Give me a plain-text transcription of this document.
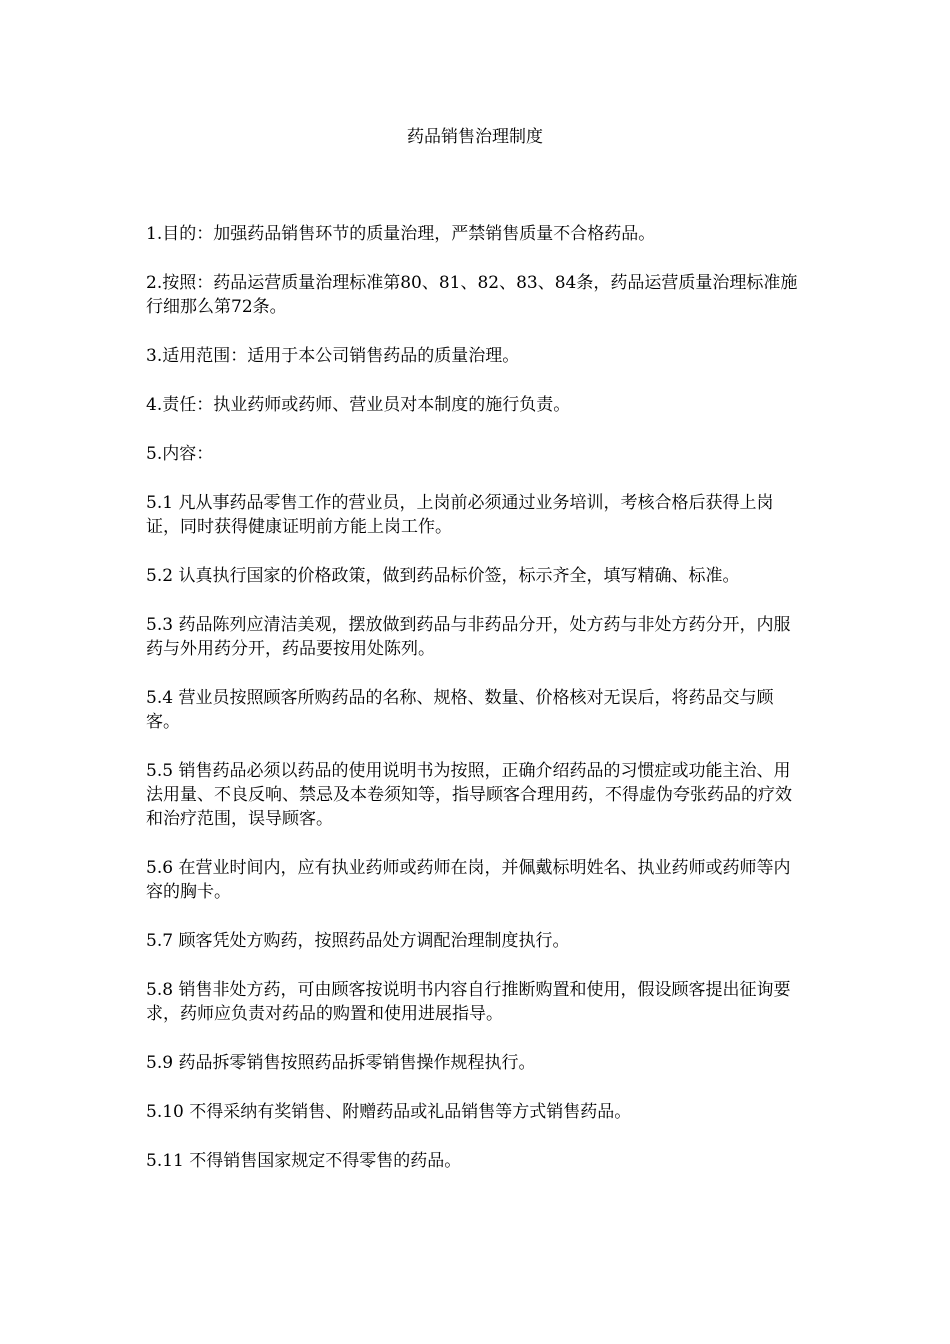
药品销售治理制度

1.目的：加强药品销售环节的质量治理，严禁销售质量不合格药品。

2.按照：药品运营质量治理标准第80、81、82、83、84条，药品运营质量治理标准施行细那么第72条。

3.适用范围：适用于本公司销售药品的质量治理。

4.责任：执业药师或药师、营业员对本制度的施行负责。

5.内容：

5.1 凡从事药品零售工作的营业员，上岗前必须通过业务培训，考核合格后获得上岗证，同时获得健康证明前方能上岗工作。

5.2 认真执行国家的价格政策，做到药品标价签，标示齐全，填写精确、标准。

5.3 药品陈列应清洁美观，摆放做到药品与非药品分开，处方药与非处方药分开，内服药与外用药分开，药品要按用处陈列。

5.4 营业员按照顾客所购药品的名称、规格、数量、价格核对无误后，将药品交与顾客。

5.5 销售药品必须以药品的使用说明书为按照，正确介绍药品的习惯症或功能主治、用法用量、不良反响、禁忌及本卷须知等，指导顾客合理用药，不得虚伪夸张药品的疗效和治疗范围，误导顾客。

5.6 在营业时间内，应有执业药师或药师在岗，并佩戴标明姓名、执业药师或药师等内容的胸卡。

5.7 顾客凭处方购药，按照药品处方调配治理制度执行。

5.8 销售非处方药，可由顾客按说明书内容自行推断购置和使用，假设顾客提出征询要求，药师应负责对药品的购置和使用进展指导。

5.9 药品拆零销售按照药品拆零销售操作规程执行。

5.10 不得采纳有奖销售、附赠药品或礼品销售等方式销售药品。

5.11 不得销售国家规定不得零售的药品。
